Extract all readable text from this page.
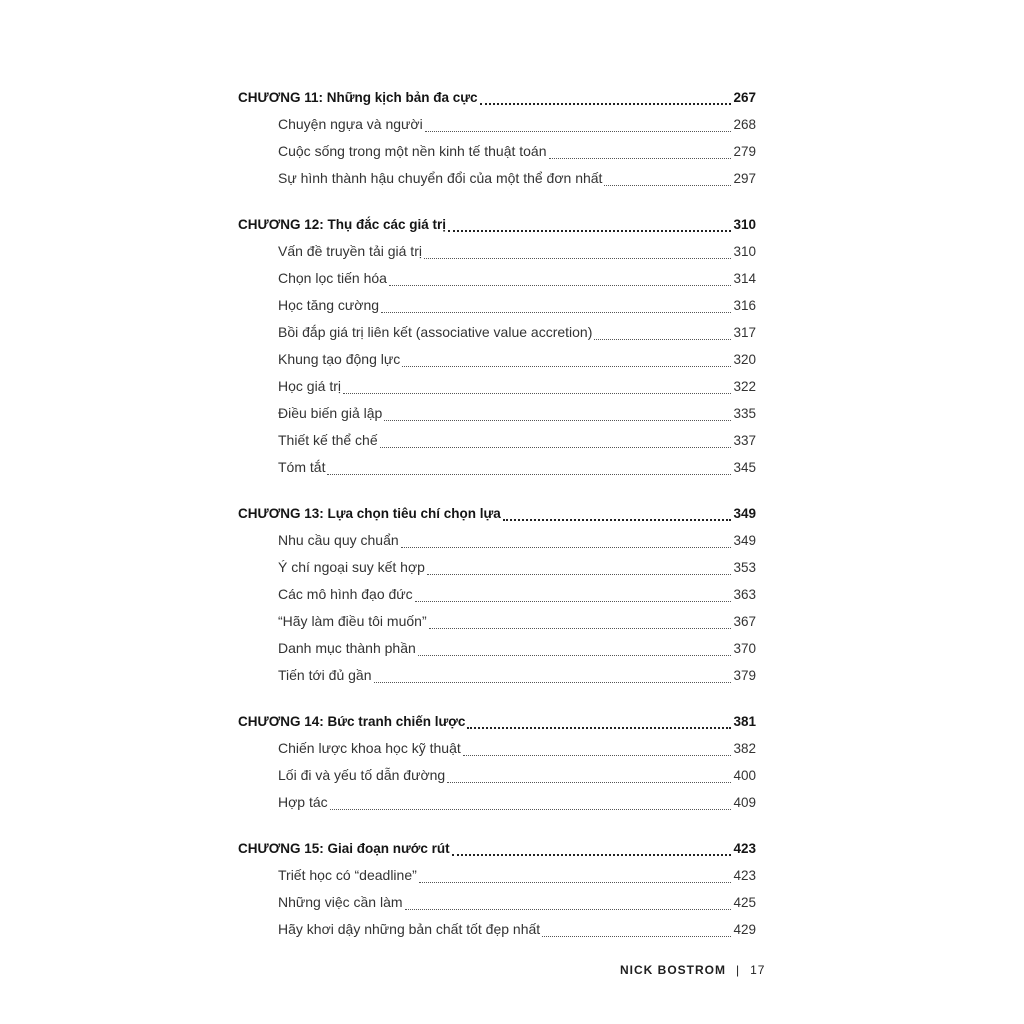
CHƯƠNG 11: Những kịch bản đa cực	267
Chuyện ngựa và người	268
Cuộc sống trong một nền kinh tế thuật toán	279
Sự hình thành hậu chuyển đổi của một thể đơn nhất	297
CHƯƠNG 12: Thụ đắc các giá trị	310
Vấn đề truyền tải giá trị	310
Chọn lọc tiến hóa	314
Học tăng cường	316
Bồi đắp giá trị liên kết (associative value accretion)	317
Khung tạo động lực	320
Học giá trị	322
Điều biến giả lập	335
Thiết kế thể chế	337
Tóm tắt	345
CHƯƠNG 13: Lựa chọn tiêu chí chọn lựa	349
Nhu cầu quy chuẩn	349
Ý chí ngoại suy kết hợp	353
Các mô hình đạo đức	363
“Hãy làm điều tôi muốn”	367
Danh mục thành phần	370
Tiến tới đủ gần	379
CHƯƠNG 14: Bức tranh chiến lược	381
Chiến lược khoa học kỹ thuật	382
Lối đi và yếu tố dẫn đường	400
Hợp tác	409
CHƯƠNG 15: Giai đoạn nước rút	423
Triết học có “deadline”	423
Những việc cần làm	425
Hãy khơi dậy những bản chất tốt đẹp nhất	429
NICK BOSTROM | 17
